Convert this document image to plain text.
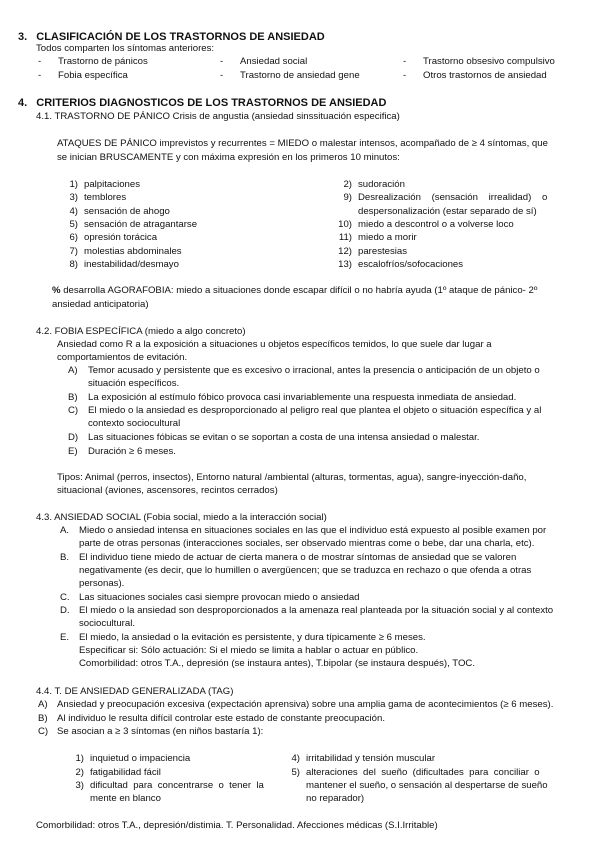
3. CLASIFICACIÓN DE LOS TRASTORNOS DE ANSIEDAD
Todos comparten los síntomas anteriores:
- Trastorno de pánicos
- Fobia específica
- Ansiedad social
- Trastorno de ansiedad gene
- Trastorno obsesivo compulsivo
- Otros trastornos de ansiedad
4. CRITERIOS DIAGNOSTICOS DE LOS TRASTORNOS DE ANSIEDAD
4.1. TRASTORNO DE PÁNICO Crisis de angustia (ansiedad sinssituación especifica)
ATAQUES DE PÁNICO imprevistos y recurrentes = MIEDO o malestar intensos, acompañado de ≥ 4 síntomas, que
se inician BRUSCAMENTE y con máxima expresión en los primeros 10 minutos:
1) palpitaciones
3) temblores
4) sensación de ahogo
5) sensación de atragantarse
6) opresión torácica
7) molestias abdominales
8) inestabilidad/desmayo
2) sudoración
9) Desrealización    (sensación    irrealidad)    o
despersonalización (estar separado de sí)
10) miedo a descontrol o a volverse loco
11) miedo a morir
12) parestesias
13) escalofríos/sofocaciones
% desarrolla AGORAFOBIA: miedo a situaciones donde escapar difícil o no habría ayuda (1º ataque de pánico- 2º
ansiedad anticipatoria)
4.2. FOBIA ESPECÍFICA (miedo a algo concreto)
Ansiedad como R a la exposición a situaciones u objetos específicos temidos, lo que suele dar lugar a
comportamientos de evitación.
A) Temor acusado y persistente que es excesivo o irracional, antes la presencia o anticipación de un objeto o
situación específicos.
B) La exposición al estímulo fóbico provoca casi invariablemente una respuesta inmediata de ansiedad.
C) El miedo o la ansiedad es desproporcionado al peligro real que plantea el objeto o situación específica y al
contexto sociocultural
D) Las situaciones fóbicas se evitan o se soportan a costa de una intensa ansiedad o malestar.
E) Duración ≥ 6 meses.
Tipos: Animal (perros, insectos), Entorno natural /ambiental (alturas, tormentas, agua), sangre-inyección-daño,
situacional (aviones, ascensores, recintos cerrados)
4.3. ANSIEDAD SOCIAL (Fobia social, miedo a la interacción social)
A. Miedo o ansiedad intensa en situaciones sociales en las que el individuo está expuesto al posible examen por
parte de otras personas (interacciones sociales, ser observado mientras come o bebe, dar una charla, etc).
B. El individuo tiene miedo de actuar de cierta manera o de mostrar síntomas de ansiedad que se valoren
negativamente (es decir, que lo humillen o avergüencen; que se traduzca en rechazo o que ofenda a otras
personas).
C. Las situaciones sociales casi siempre provocan miedo o ansiedad
D. El miedo o la ansiedad son desproporcionados a la amenaza real planteada por la situación social y al contexto
sociocultural.
E. El miedo, la ansiedad o la evitación es persistente, y dura típicamente ≥ 6 meses.
Especificar si: Sólo actuación: Si el miedo se limita a hablar o actuar en público.
Comorbilidad: otros T.A., depresión (se instaura antes), T.bipolar (se instaura después), TOC.
4.4. T. DE ANSIEDAD GENERALIZADA (TAG)
A) Ansiedad y preocupación excesiva (expectación aprensiva) sobre una amplia gama de acontecimientos (≥ 6 meses).
B) Al individuo le resulta difícil controlar este estado de constante preocupación.
C) Se asocian a ≥ 3 síntomas (en niños bastaría 1):
1) inquietud o impaciencia
2) fatigabilidad fácil
3) dificultad  para  concentrarse  o  tener  la
mente en blanco
4) irritabilidad y tensión muscular
5) alteraciones  del  sueño  (dificultades  para  conciliar  o
mantener el sueño, o sensación al despertarse de sueño
no reparador)
Comorbilidad: otros T.A., depresión/distimia. T. Personalidad. Afecciones médicas (S.I.Irritable)
